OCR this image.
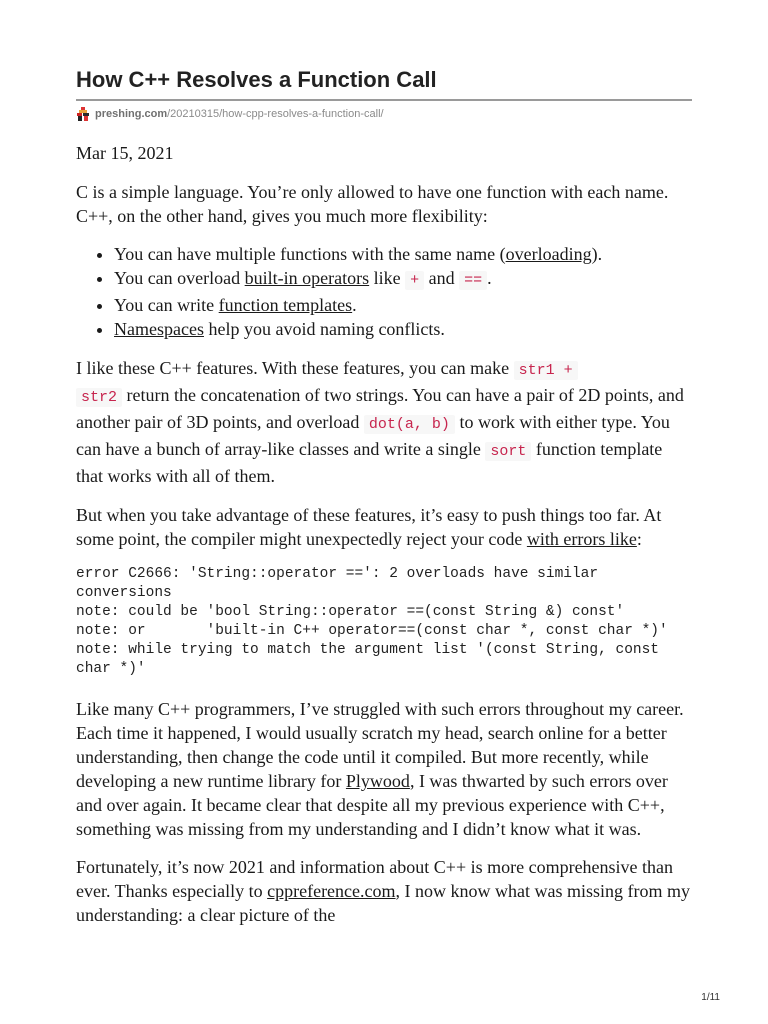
How C++ Resolves a Function Call
preshing.com /20210315/how-cpp-resolves-a-function-call/

Mar 15, 2021

C is a simple language. You’re only allowed to have one function with each name. C++, on the other hand, gives you much more flexibility:

• You can have multiple functions with the same name (overloading).
• You can overload built-in operators like + and == .
• You can write function templates.
• Namespaces help you avoid naming conflicts.

I like these C++ features. With these features, you can make str1 +
str2 return the concatenation of two strings. You can have a pair of 2D points, and another pair of 3D points, and overload dot(a, b) to work with either type. You can have a bunch of array-like classes and write a single sort function template that works with all of them.

But when you take advantage of these features, it’s easy to push things too far. At some point, the compiler might unexpectedly reject your code with errors like:

error C2666: 'String::operator ==': 2 overloads have similar
conversions
note: could be 'bool String::operator ==(const String &) const'
note: or       'built-in C++ operator==(const char *, const char *)'
note: while trying to match the argument list '(const String, const
char *)'

Like many C++ programmers, I’ve struggled with such errors throughout my career. Each time it happened, I would usually scratch my head, search online for a better understanding, then change the code until it compiled. But more recently, while developing a new runtime library for Plywood, I was thwarted by such errors over and over again. It became clear that despite all my previous experience with C++, something was missing from my understanding and I didn’t know what it was.

Fortunately, it’s now 2021 and information about C++ is more comprehensive than ever. Thanks especially to cppreference.com, I now know what was missing from my understanding: a clear picture of the

1/11
